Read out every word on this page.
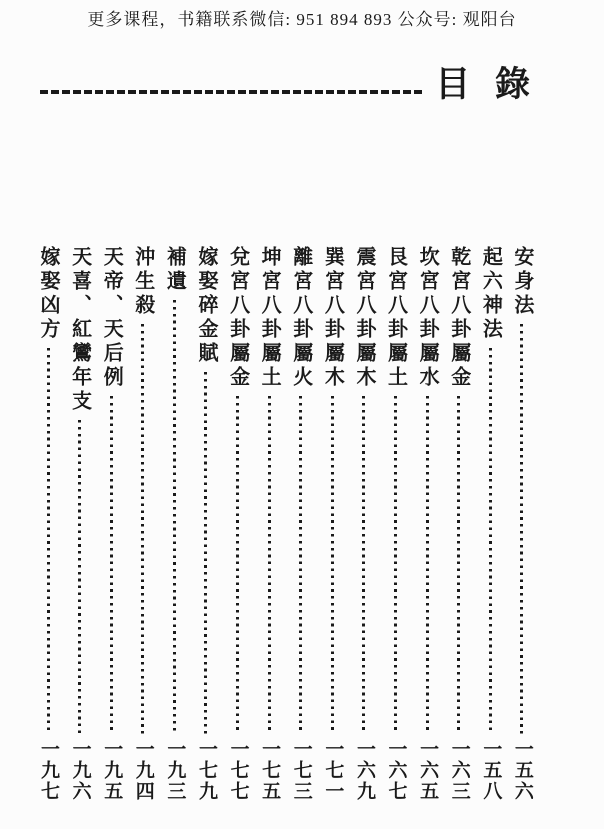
更多课程，书籍联系微信: 951 894 893 公众号: 观阳台
目 錄
安身法
一五六
起六神法
一五八
乾宮八卦屬金
一六三
坎宮八卦屬水
一六五
艮宮八卦屬土
一六七
震宮八卦屬木
一六九
巽宮八卦屬木
一七一
離宮八卦屬火
一七三
坤宮八卦屬土
一七五
兌宮八卦屬金
一七七
嫁娶碎金賦
一七九
補遺
一九三
沖生殺
一九四
天帝、天后例
一九五
天喜、紅鸞年支
一九六
嫁娶凶方
一九七
